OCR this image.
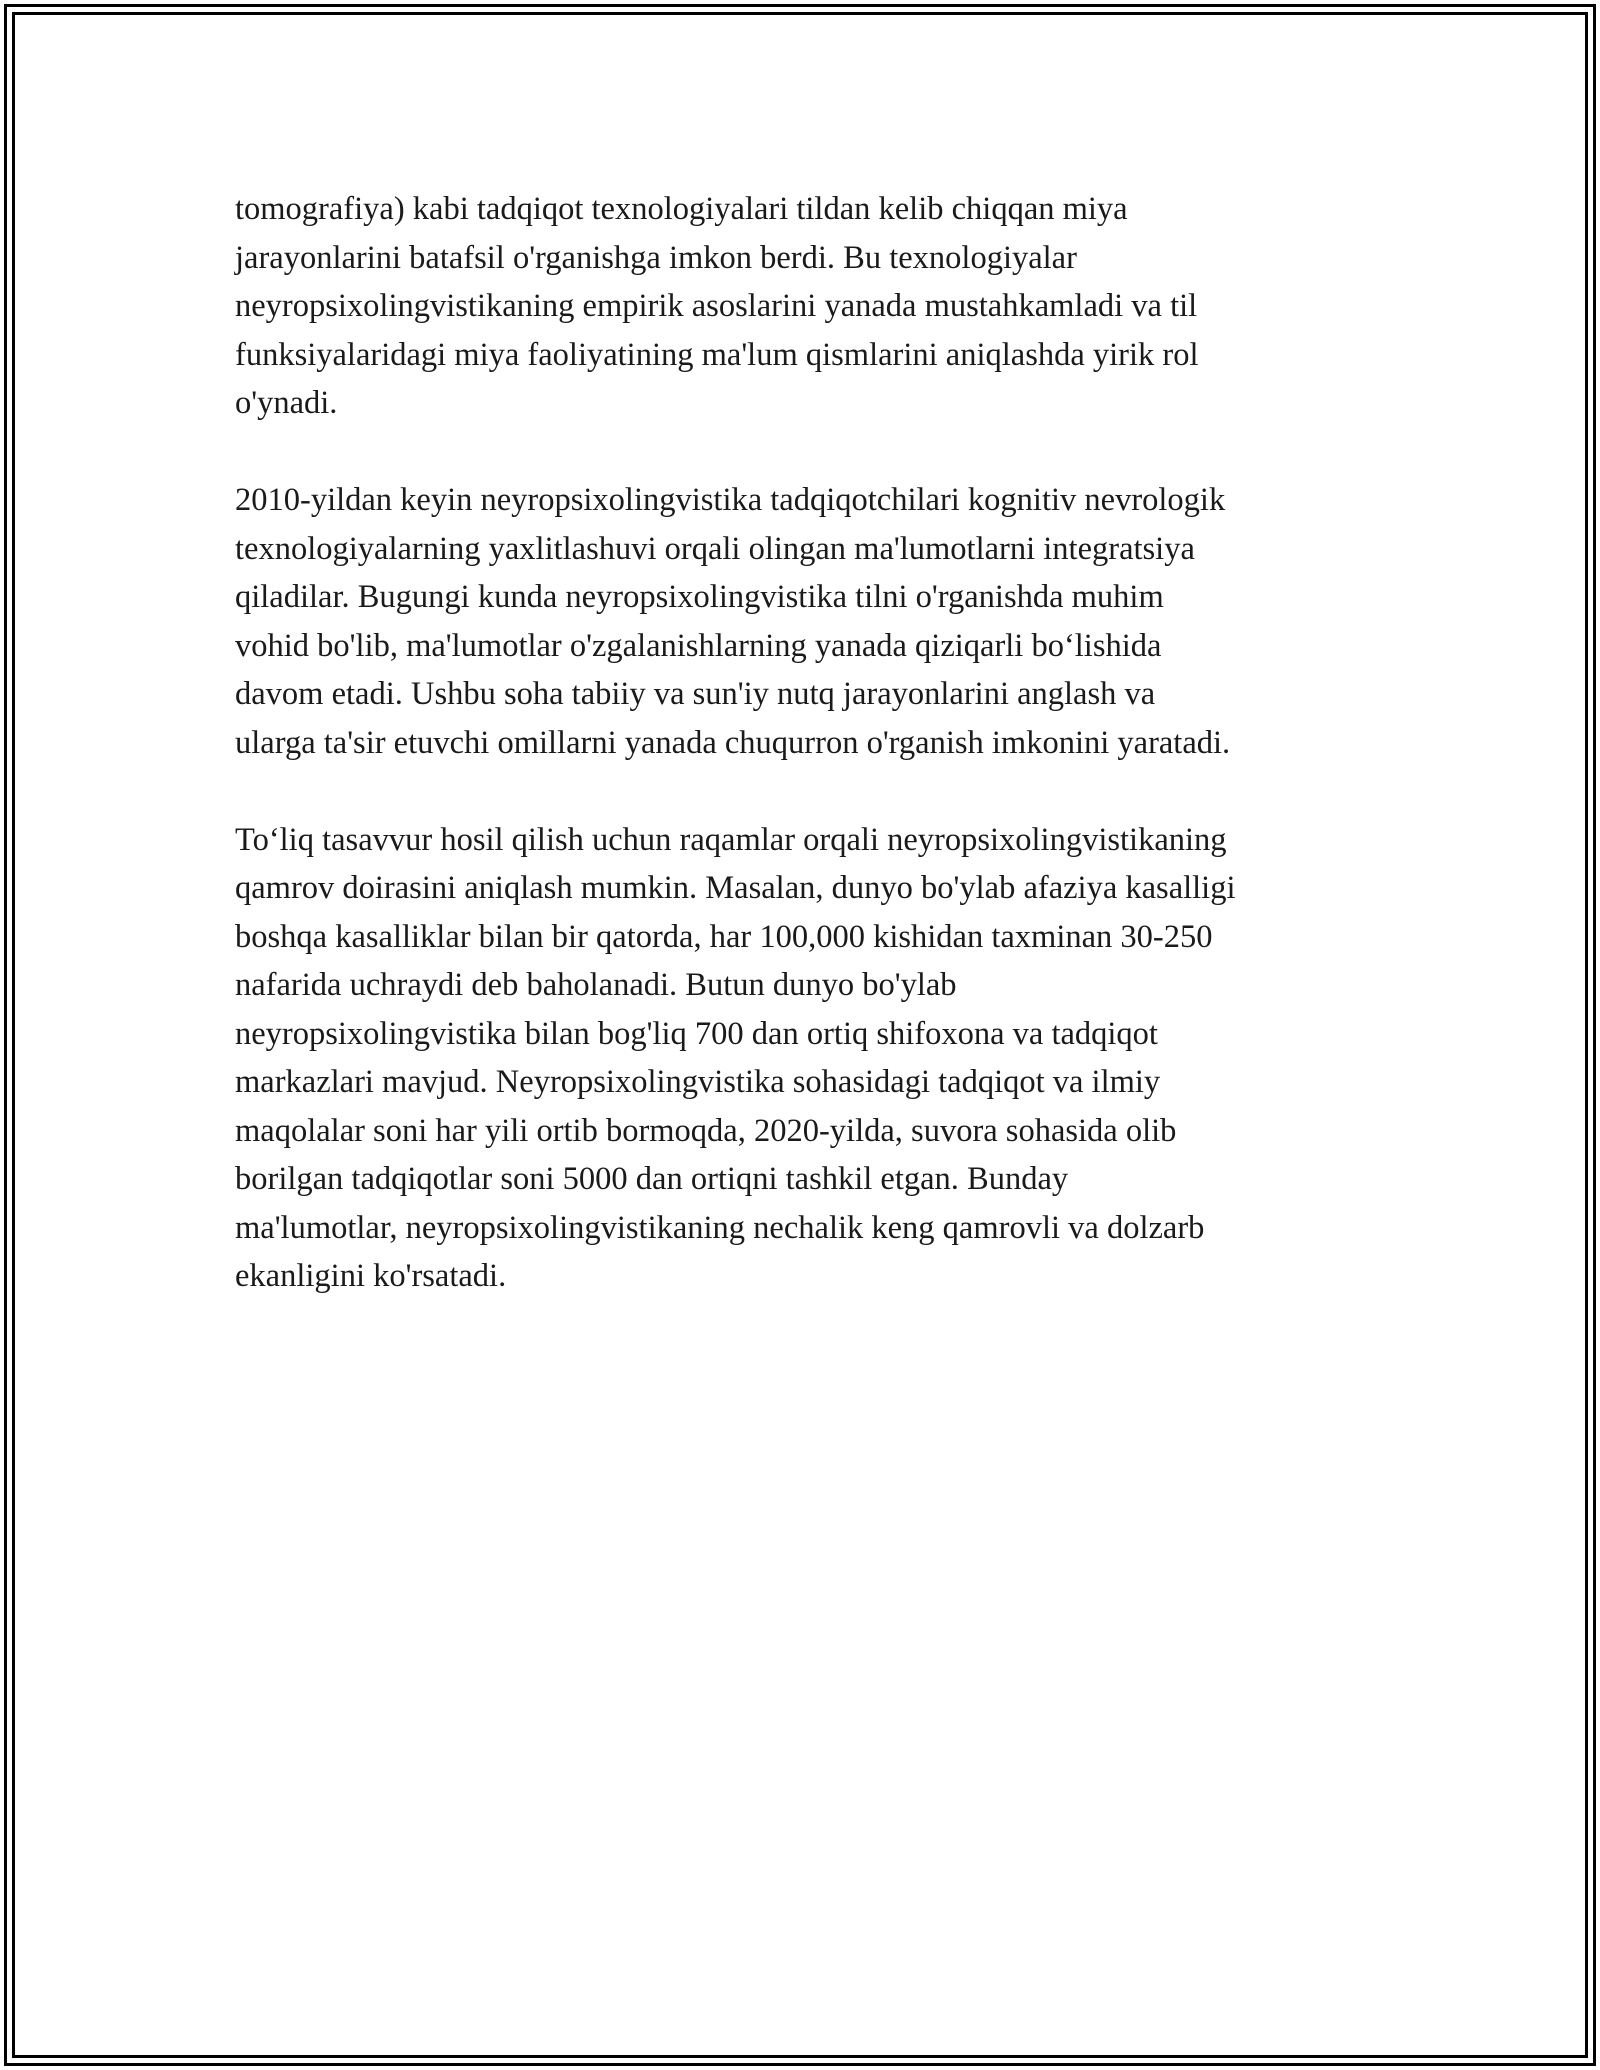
tomografiya) kabi tadqiqot texnologiyalari tildan kelib chiqqan miya
jarayonlarini batafsil o'rganishga imkon berdi. Bu texnologiyalar
neyropsixolingvistikaning empirik asoslarini yanada mustahkamladi va til
funksiyalaridagi miya faoliyatining ma'lum qismlarini aniqlashda yirik rol
o'ynadi.

2010-yildan keyin neyropsixolingvistika tadqiqotchilari kognitiv nevrologik
texnologiyalarning yaxlitlashuvi orqali olingan ma'lumotlarni integratsiya
qiladilar. Bugungi kunda neyropsixolingvistika tilni o'rganishda muhim
vohid bo'lib, ma'lumotlar o'zgalanishlarning yanada qiziqarli bo‘lishida
davom etadi. Ushbu soha tabiiy va sun'iy nutq jarayonlarini anglash va
ularga ta'sir etuvchi omillarni yanada chuqurron o'rganish imkonini yaratadi.

To‘liq tasavvur hosil qilish uchun raqamlar orqali neyropsixolingvistikaning
qamrov doirasini aniqlash mumkin. Masalan, dunyo bo'ylab afaziya kasalligi
boshqa kasalliklar bilan bir qatorda, har 100,000 kishidan taxminan 30-250
nafarida uchraydi deb baholanadi. Butun dunyo bo'ylab
neyropsixolingvistika bilan bog'liq 700 dan ortiq shifoxona va tadqiqot
markazlari mavjud. Neyropsixolingvistika sohasidagi tadqiqot va ilmiy
maqolalar soni har yili ortib bormoqda, 2020-yilda, suvora sohasida olib
borilgan tadqiqotlar soni 5000 dan ortiqni tashkil etgan. Bunday
ma'lumotlar, neyropsixolingvistikaning nechalik keng qamrovli va dolzarb
ekanligini ko'rsatadi.
